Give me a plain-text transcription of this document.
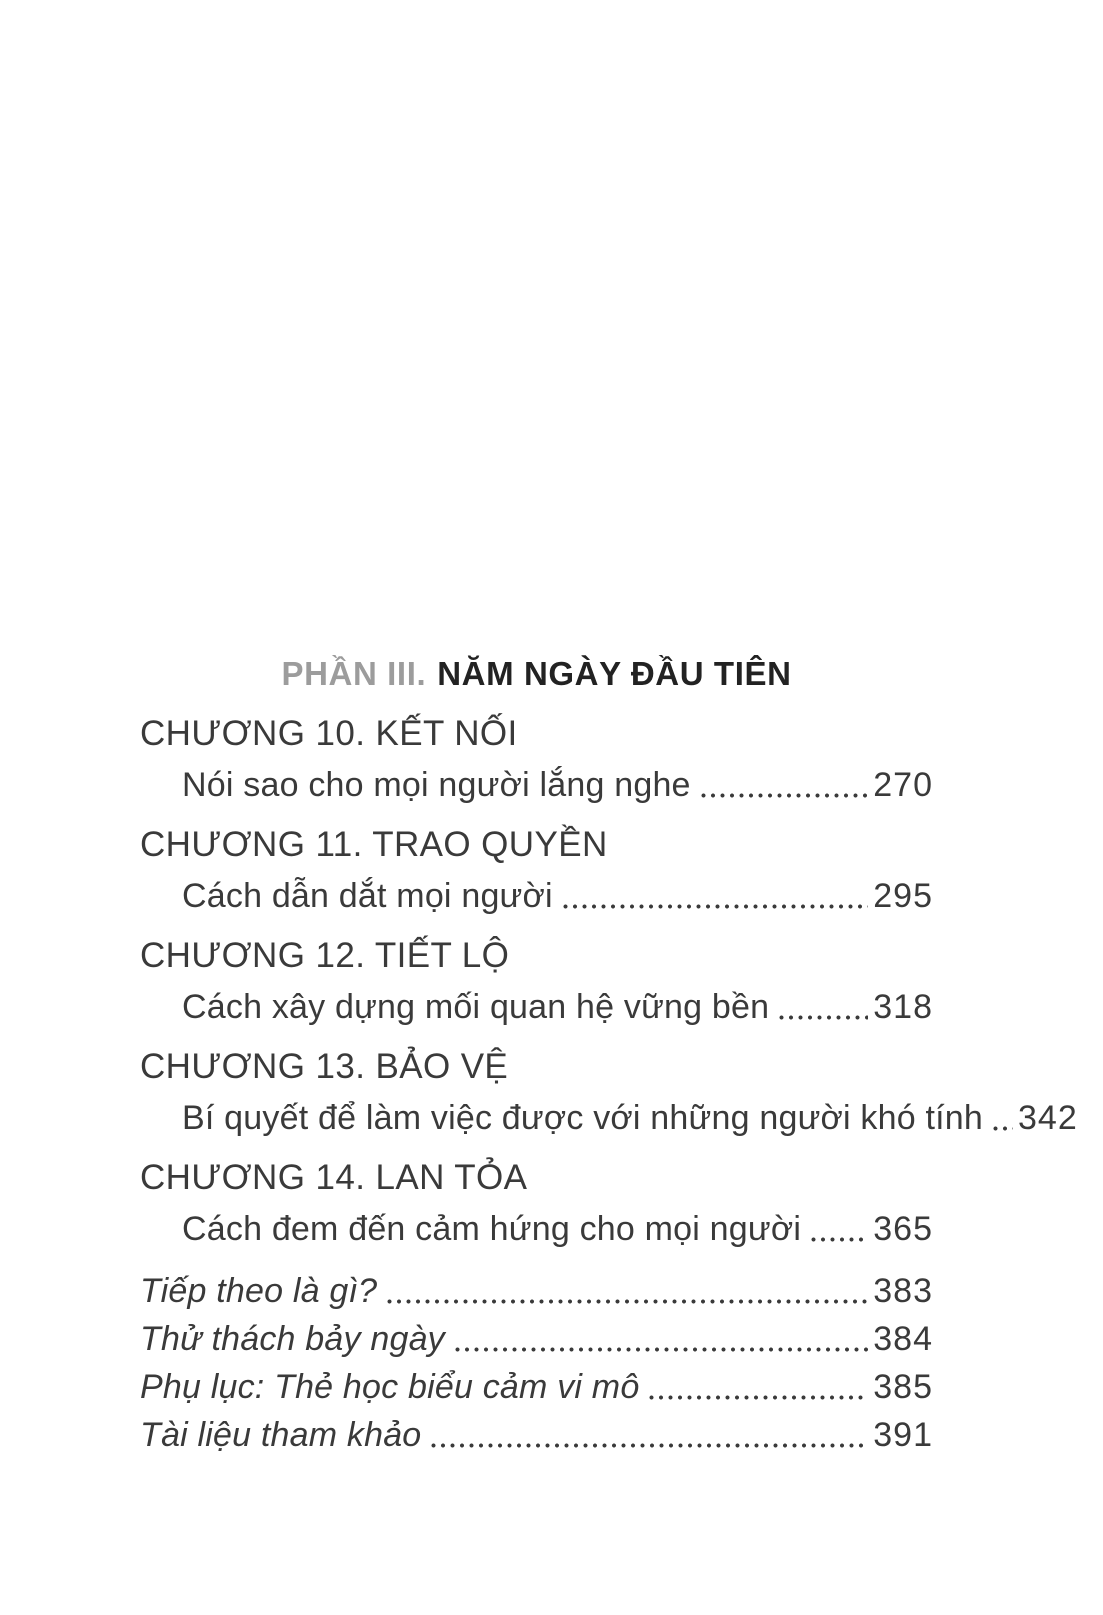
PHẦN III. NĂM NGÀY ĐẦU TIÊN
CHƯƠNG 10. KẾT NỐI
Nói sao cho mọi người lắng nghe	270
CHƯƠNG 11. TRAO QUYỀN
Cách dẫn dắt mọi người	295
CHƯƠNG 12. TIẾT LỘ
Cách xây dựng mối quan hệ vững bền	318
CHƯƠNG 13. BẢO VỆ
Bí quyết để làm việc được với những người khó tính 342
CHƯƠNG 14. LAN TỎA
Cách đem đến cảm hứng cho mọi người 365
Tiếp theo là gì?	383
Thử thách bảy ngày	384
Phụ lục: Thẻ học biểu cảm vi mô	385
Tài liệu tham khảo	391
